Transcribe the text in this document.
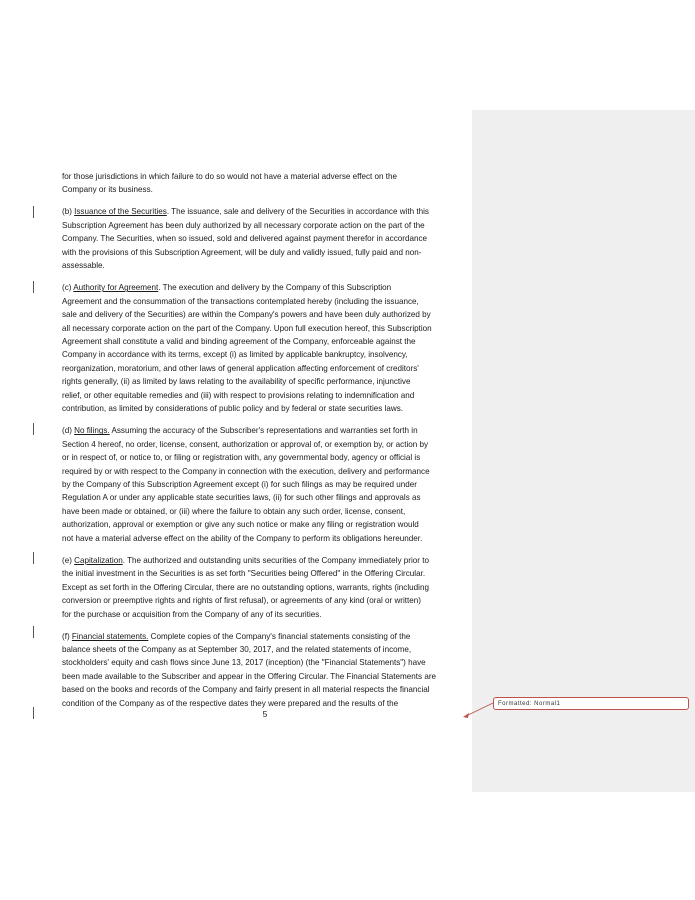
for those jurisdictions in which failure to do so would not have a material adverse effect on the
Company or its business.
(b) Issuance of the Securities. The issuance, sale and delivery of the Securities in accordance with this
Subscription Agreement has been duly authorized by all necessary corporate action on the part of the
Company. The Securities, when so issued, sold and delivered against payment therefor in accordance
with the provisions of this Subscription Agreement, will be duly and validly issued, fully paid and non-
assessable.
(c) Authority for Agreement. The execution and delivery by the Company of this Subscription
Agreement and the consummation of the transactions contemplated hereby (including the issuance,
sale and delivery of the Securities) are within the Company's powers and have been duly authorized by
all necessary corporate action on the part of the Company. Upon full execution hereof, this Subscription
Agreement shall constitute a valid and binding agreement of the Company, enforceable against the
Company in accordance with its terms, except (i) as limited by applicable bankruptcy, insolvency,
reorganization, moratorium, and other laws of general application affecting enforcement of creditors'
rights generally, (ii) as limited by laws relating to the availability of specific performance, injunctive
relief, or other equitable remedies and (iii) with respect to provisions relating to indemnification and
contribution, as limited by considerations of public policy and by federal or state securities laws.
(d) No filings. Assuming the accuracy of the Subscriber's representations and warranties set forth in
Section 4 hereof, no order, license, consent, authorization or approval of, or exemption by, or action by
or in respect of, or notice to, or filing or registration with, any governmental body, agency or official is
required by or with respect to the Company in connection with the execution, delivery and performance
by the Company of this Subscription Agreement except (i) for such filings as may be required under
Regulation A or under any applicable state securities laws, (ii) for such other filings and approvals as
have been made or obtained, or (iii) where the failure to obtain any such order, license, consent,
authorization, approval or exemption or give any such notice or make any filing or registration would
not have a material adverse effect on the ability of the Company to perform its obligations hereunder.
(e) Capitalization. The authorized and outstanding units securities of the Company immediately prior to
the initial investment in the Securities is as set forth "Securities being Offered" in the Offering Circular.
Except as set forth in the Offering Circular, there are no outstanding options, warrants, rights (including
conversion or preemptive rights and rights of first refusal), or agreements of any kind (oral or written)
for the purchase or acquisition from the Company of any of its securities.
(f) Financial statements. Complete copies of the Company's financial statements consisting of the
balance sheets of the Company as at September 30, 2017, and the related statements of income,
stockholders' equity and cash flows since June 13, 2017 (inception) (the "Financial Statements") have
been made available to the Subscriber and appear in the Offering Circular. The Financial Statements are
based on the books and records of the Company and fairly present in all material respects the financial
condition of the Company as of the respective dates they were prepared and the results of the
5
Formatted: Normal1
